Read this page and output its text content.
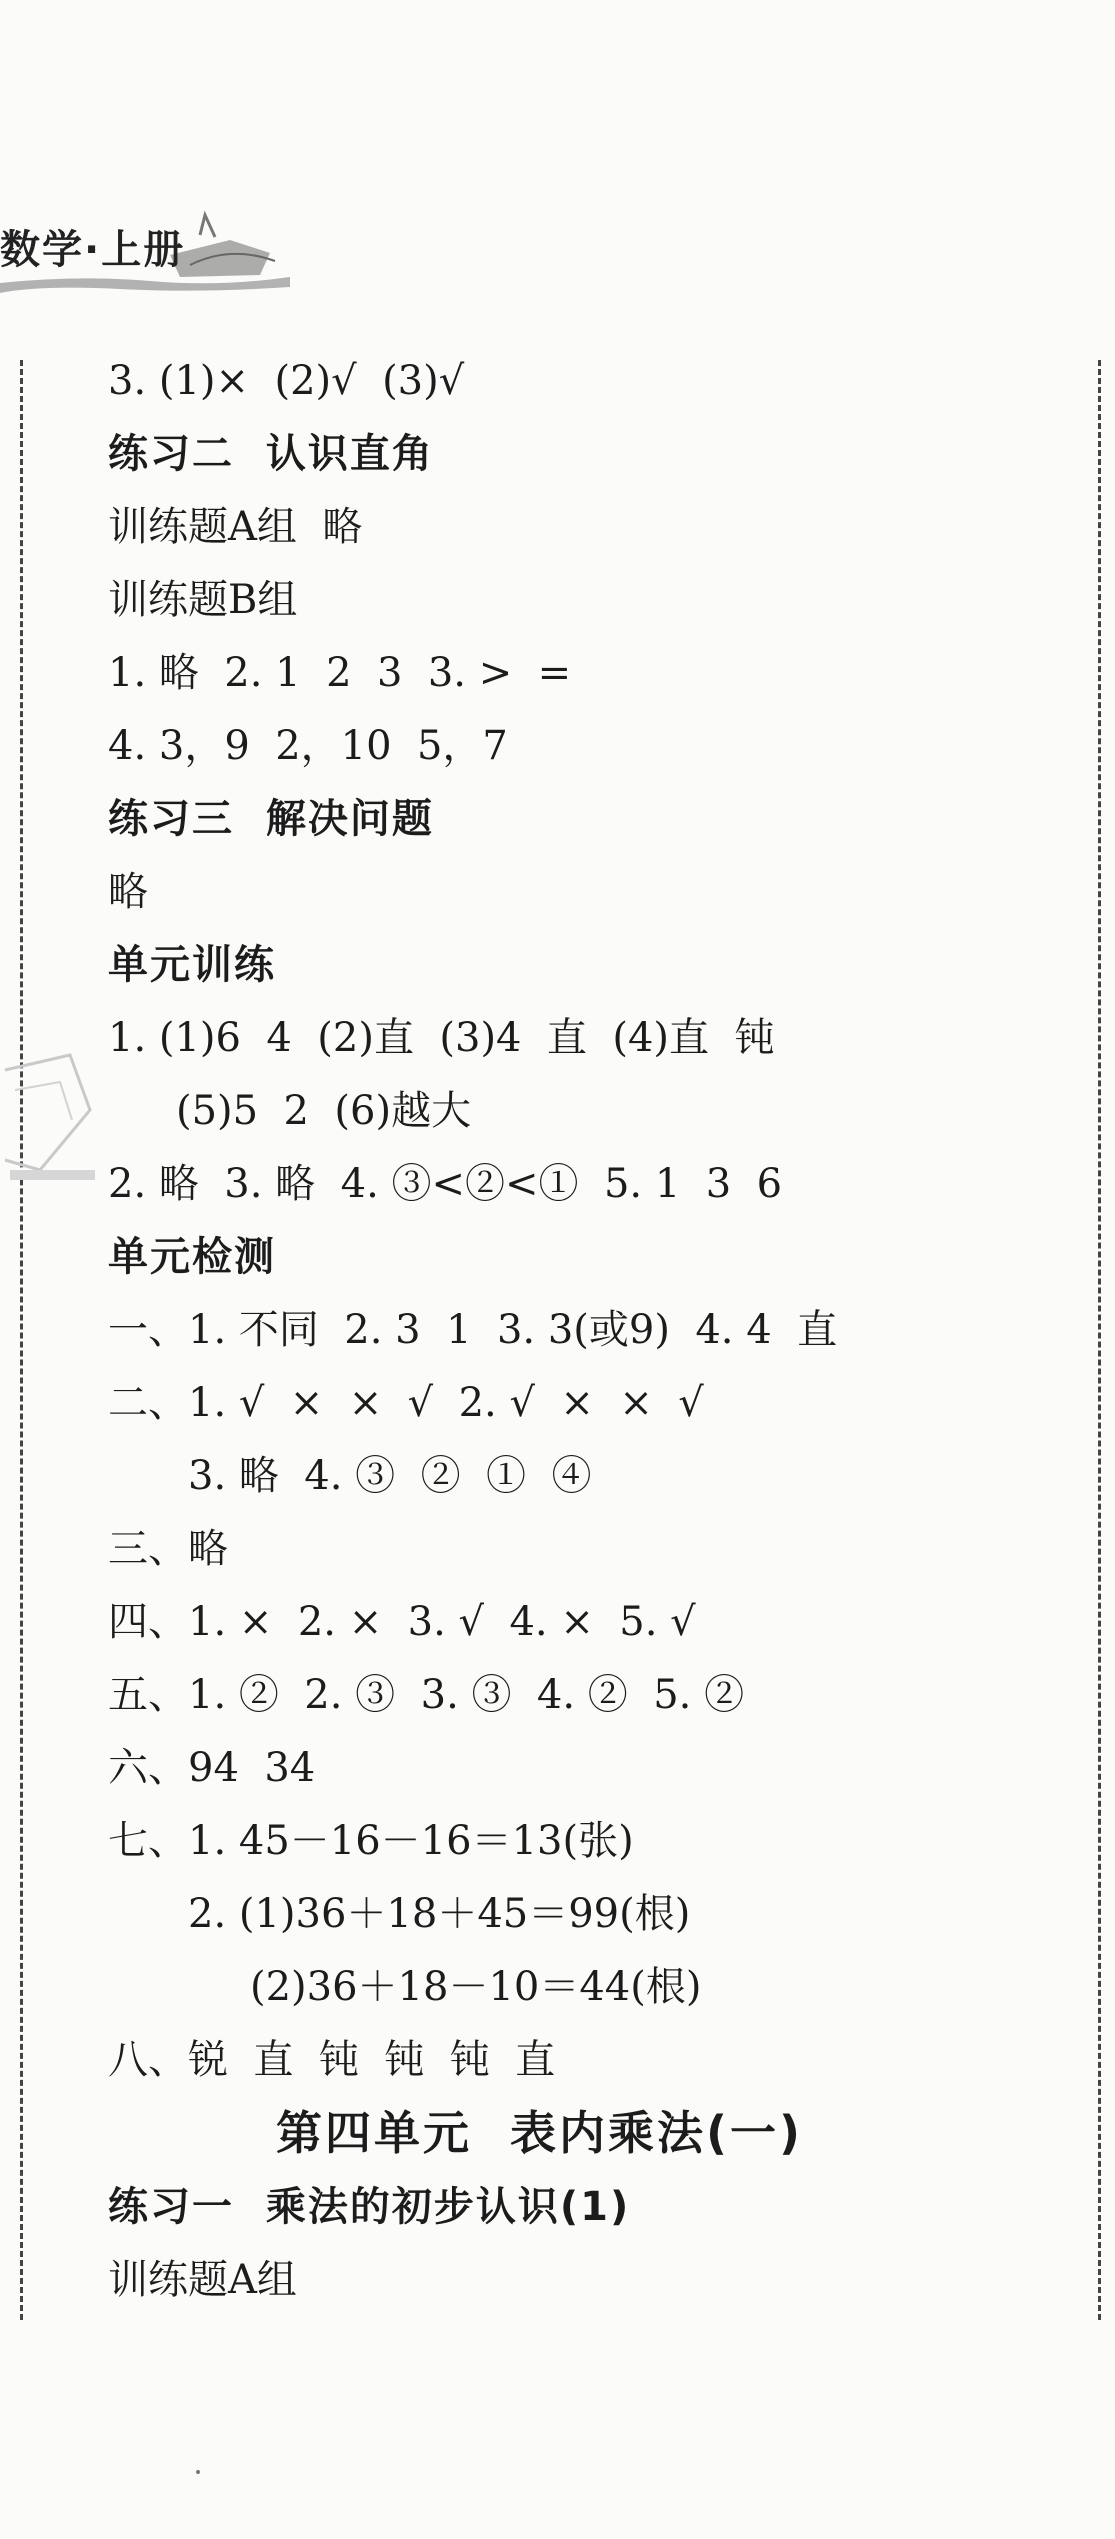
数学·上册
3. (1)×  (2)√  (3)√
练习二  认识直角
训练题A组  略
训练题B组
1. 略  2. 1  2  3  3. >  =
4. 3，9  2，10  5，7
练习三  解决问题
略
单元训练
1. (1)6  4  (2)直  (3)4  直  (4)直  钝
(5)5  2  (6)越大
2. 略  3. 略  4. ③<②<①  5. 1  3  6
单元检测
一、1. 不同  2. 3  1  3. 3(或9)  4. 4  直
二、1. √  ×  ×  √  2. √  ×  ×  √
3. 略  4. ③  ②  ①  ④
三、略
四、1. ×  2. ×  3. √  4. ×  5. √
五、1. ②  2. ③  3. ③  4. ②  5. ②
六、94  34
七、1. 45－16－16＝13(张)
2. (1)36＋18＋45＝99(根)
(2)36＋18－10＝44(根)
八、锐  直  钝  钝  钝  直
第四单元  表内乘法(一)
练习一  乘法的初步认识(1)
训练题A组
